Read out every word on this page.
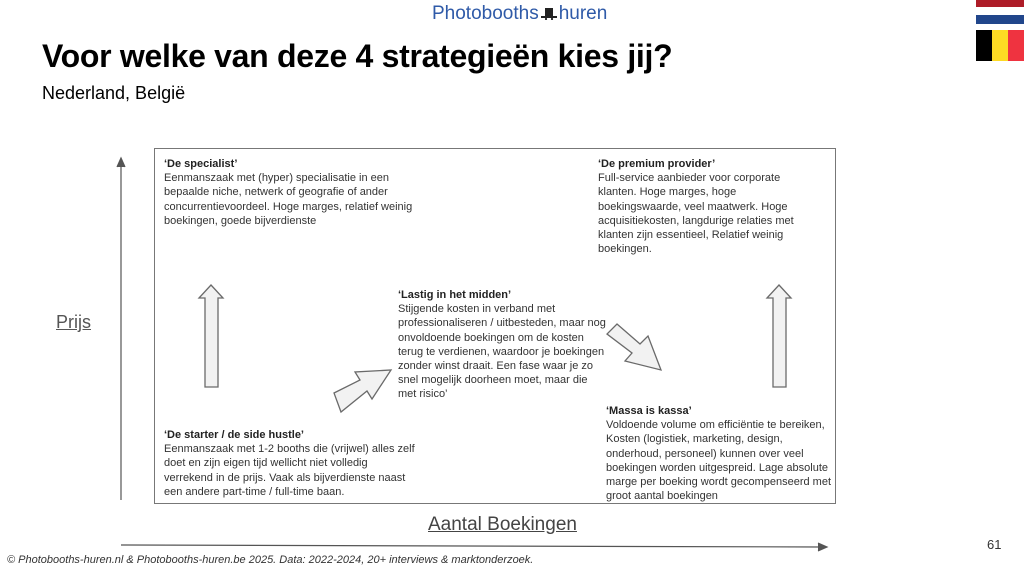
Photobooths huren
Voor welke van deze 4 strategieën kies jij?
Nederland, België
‘De specialist’
Eenmanszaak met (hyper) specialisatie in een bepaalde niche, netwerk of geografie of ander concurrentievoordeel. Hoge marges, relatief weinig boekingen, goede bijverdienste
‘De premium provider’
Full-service aanbieder voor corporate klanten. Hoge marges, hoge boekingswaarde, veel maatwerk. Hoge acquisitiekosten, langdurige relaties met klanten zijn essentieel, Relatief weinig boekingen.
‘Lastig in het midden’
Stijgende kosten in verband met professionaliseren / uitbesteden, maar nog onvoldoende boekingen om de kosten terug te verdienen, waardoor je boekingen zonder winst draait. Een fase waar je zo snel mogelijk doorheen moet, maar die met risico’
‘De starter / de side hustle’
Eenmanszaak met 1-2 booths die (vrijwel) alles zelf doet en zijn eigen tijd wellicht niet volledig verrekend in de prijs. Vaak als bijverdienste naast een andere part-time / full-time baan.
‘Massa is kassa’
Voldoende volume om efficiëntie te bereiken, Kosten (logistiek, marketing, design, onderhoud, personeel) kunnen over veel boekingen worden uitgespreid. Lage absolute marge per boeking wordt gecompenseerd met groot aantal boekingen
Prijs
Aantal Boekingen
© Photobooths-huren.nl & Photobooths-huren.be 2025. Data: 2022-2024, 20+ interviews & marktonderzoek.
61
